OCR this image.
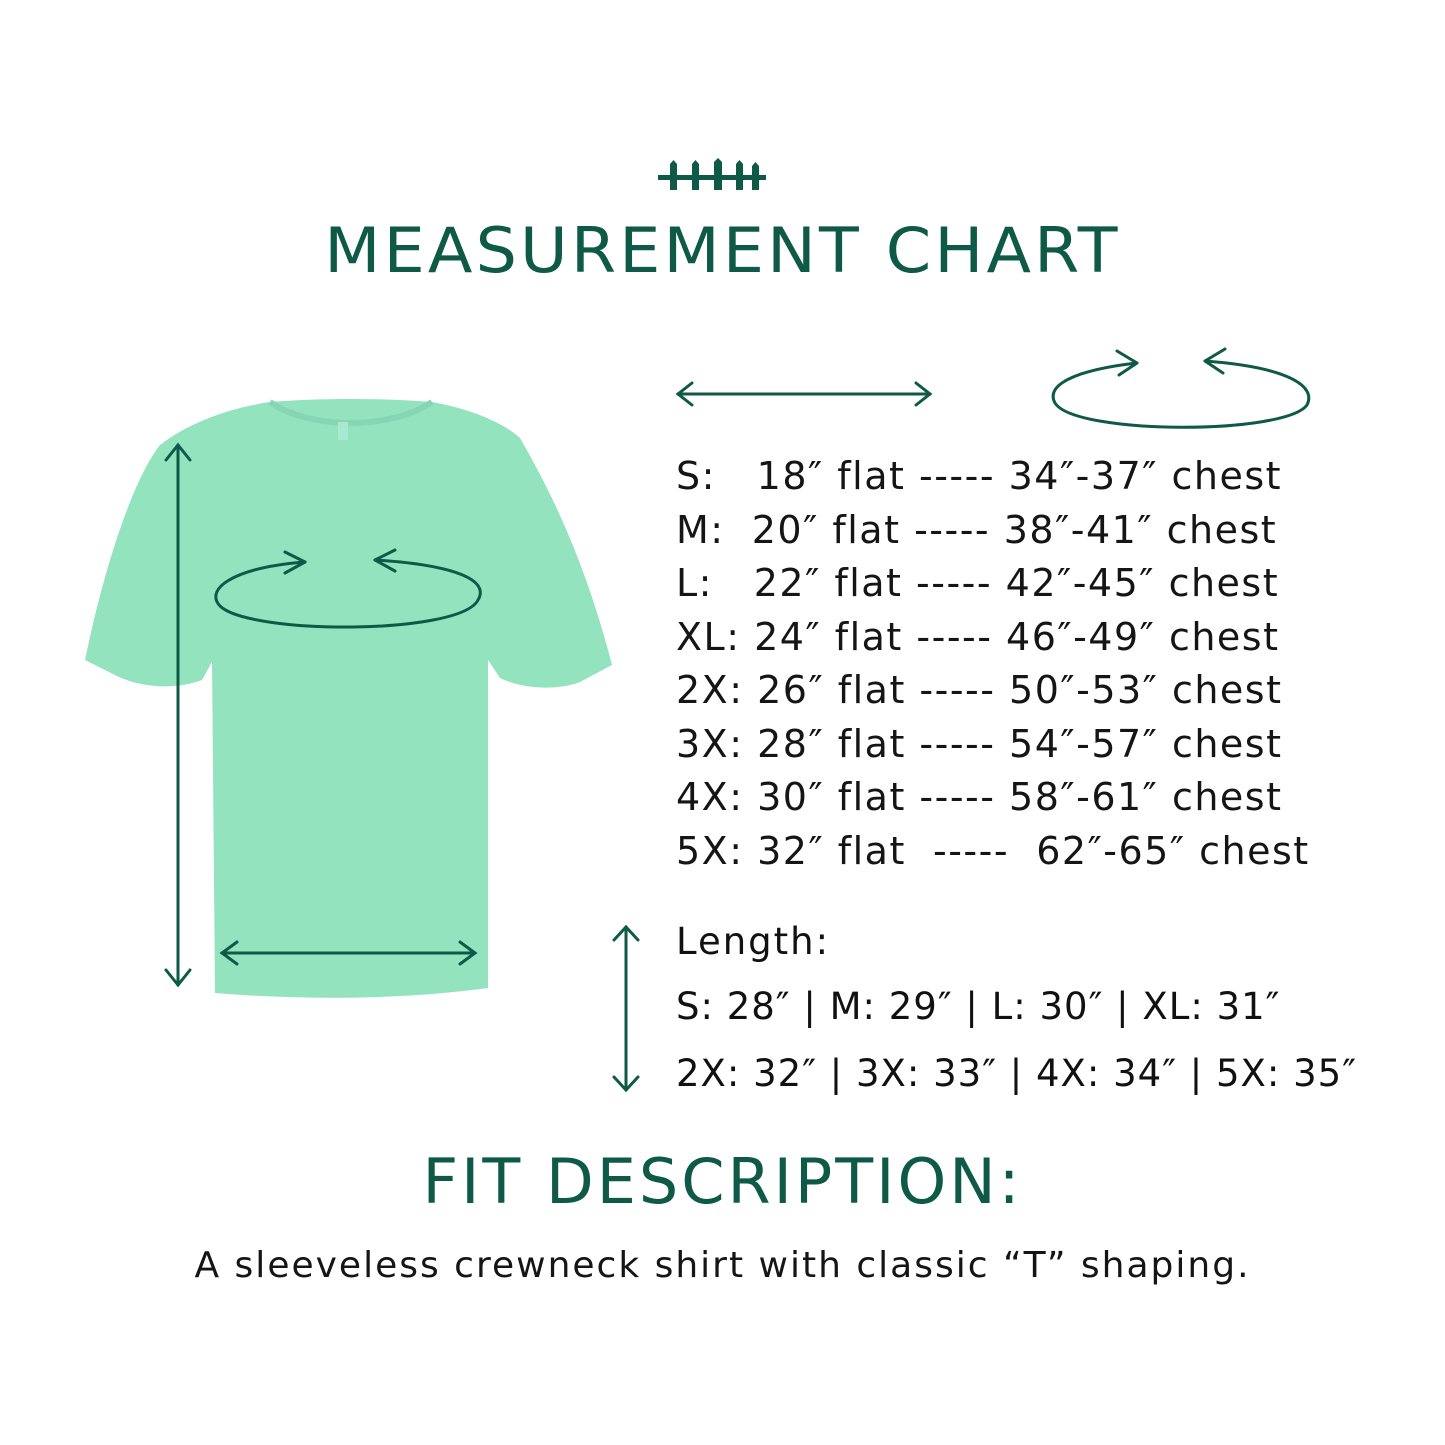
MEASUREMENT CHART
S:   18″ flat ----- 34″-37″ chest
M:  20″ flat ----- 38″-41″ chest
L:   22″ flat ----- 42″-45″ chest
XL: 24″ flat ----- 46″-49″ chest
2X: 26″ flat ----- 50″-53″ chest
3X: 28″ flat ----- 54″-57″ chest
4X: 30″ flat ----- 58″-61″ chest
5X: 32″ flat  -----  62″-65″ chest
Length:
S: 28″ | M: 29″ | L: 30″ | XL: 31″
2X: 32″ | 3X: 33″ | 4X: 34″ | 5X: 35″
FIT DESCRIPTION:
A sleeveless crewneck shirt with classic “T” shaping.
